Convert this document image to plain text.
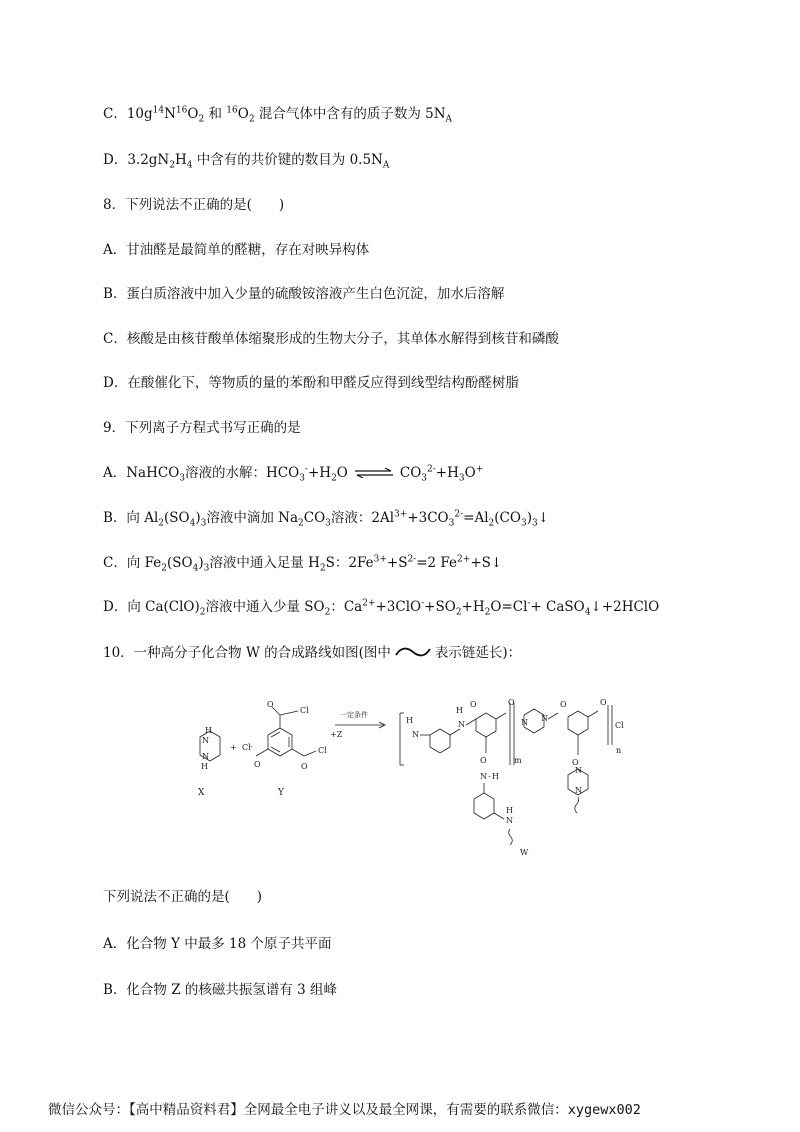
C．$10g^{14}N^{16}O_2$ 和 $^{16}O_2$ 混合气体中含有的质子数为 $5N_A$
D．$3.2gN_2H_4$ 中含有的共价键的数目为 $0.5N_A$
8．下列说法不正确的是(　　)
A．甘油醛是最简单的醛糖，存在对映异构体
B．蛋白质溶液中加入少量的硫酸铵溶液产生白色沉淀，加水后溶解
C．核酸是由核苷酸单体缩聚形成的生物大分子，其单体水解得到核苷和磷酸
D．在酸催化下，等物质的量的苯酚和甲醛反应得到线型结构酚醛树脂
9．下列离子方程式书写正确的是
A．NaHCO$_3$溶液的水解：$HCO_3^-+H_2O$ ⇌ $CO_3^{2-}+H_3O^+$
B．向 $Al_2(SO_4)_3$溶液中滴加 $Na_2CO_3$溶液：$2Al^{3+}+3CO_3^{2-}=Al_2(CO_3)_3↓$
C．向 $Fe_2(SO_4)_3$溶液中通入足量 $H_2S$：$2Fe^{3+}+S^{2-}=2$ $Fe^{2+}+S↓$
D．向 $Ca(ClO)_2$溶液中通入少量 $SO_2$：$Ca^{2+}+3ClO^-+SO_2+H_2O=Cl^-+$ CaSO$_4$↓+2HClO
10．一种高分子化合物 W 的合成路线如图(图中	表示链延长)：
H
N
N
H
+
X
O
Cl
-
Cl
O	O
Cl
Y
+Z
一定条件
H
N
H
N
O	O
m
N N
O	O
Cl
n
O
N
N
O
N - H
N
H
W
下列说法不正确的是(　　)
A．化合物 Y 中最多 18 个原子共平面
B．化合物 Z 的核磁共振氢谱有 3 组峰
微信公众号：【高中精品资料君】全网最全电子讲义以及最全网课，有需要的联系微信：xygewx002
